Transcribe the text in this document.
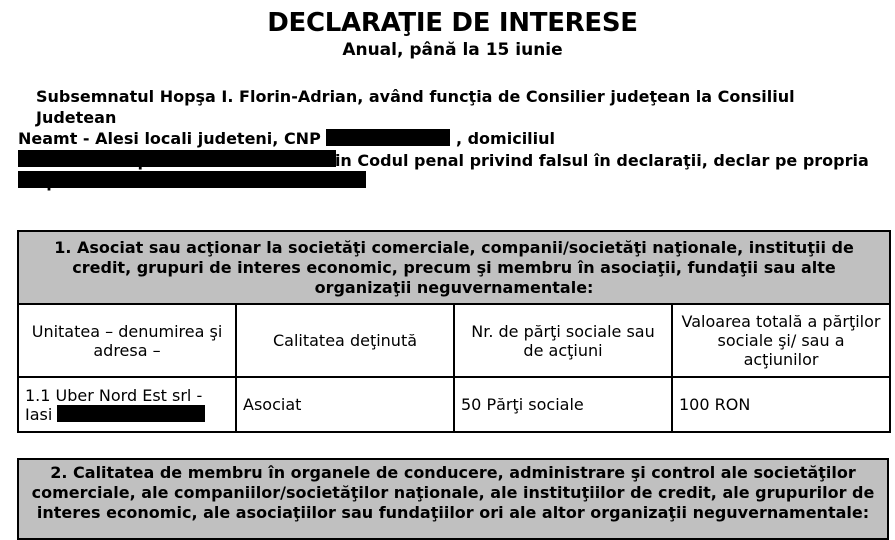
DECLARAŢIE DE INTERESE
Anual, până la 15 iunie
Subsemnatul Hopşa I. Florin-Adrian, având funcţia de Consilier judeţean la Consiliul Judetean
Neamt - Alesi locali judeteni, CNP	, domiciliul
cunoscând prevederile art. 292 din Codul penal privind falsul în declaraţii, declar pe propria
răspundere:
1. Asociat sau acţionar la societăţi comerciale, companii/societăţi naţionale, instituţii de credit, grupuri de interes economic, precum şi membru în asociaţii, fundaţii sau alte organizaţii neguvernamentale:			
Unitatea – denumirea şi adresa –	Calitatea deţinută	Nr. de părţi sociale sau de acţiuni	Valoarea totală a părţilor sociale şi/ sau a acţiunilor
1.1 Uber Nord Est srl - Iasi	Asociat	50 Părţi sociale	100 RON
2. Calitatea de membru în organele de conducere, administrare şi control ale societăţilor comerciale, ale companiilor/societăţilor naţionale, ale instituţiilor de credit, ale grupurilor de interes economic, ale asociaţiilor sau fundaţiilor ori ale altor organizaţii neguvernamentale:
